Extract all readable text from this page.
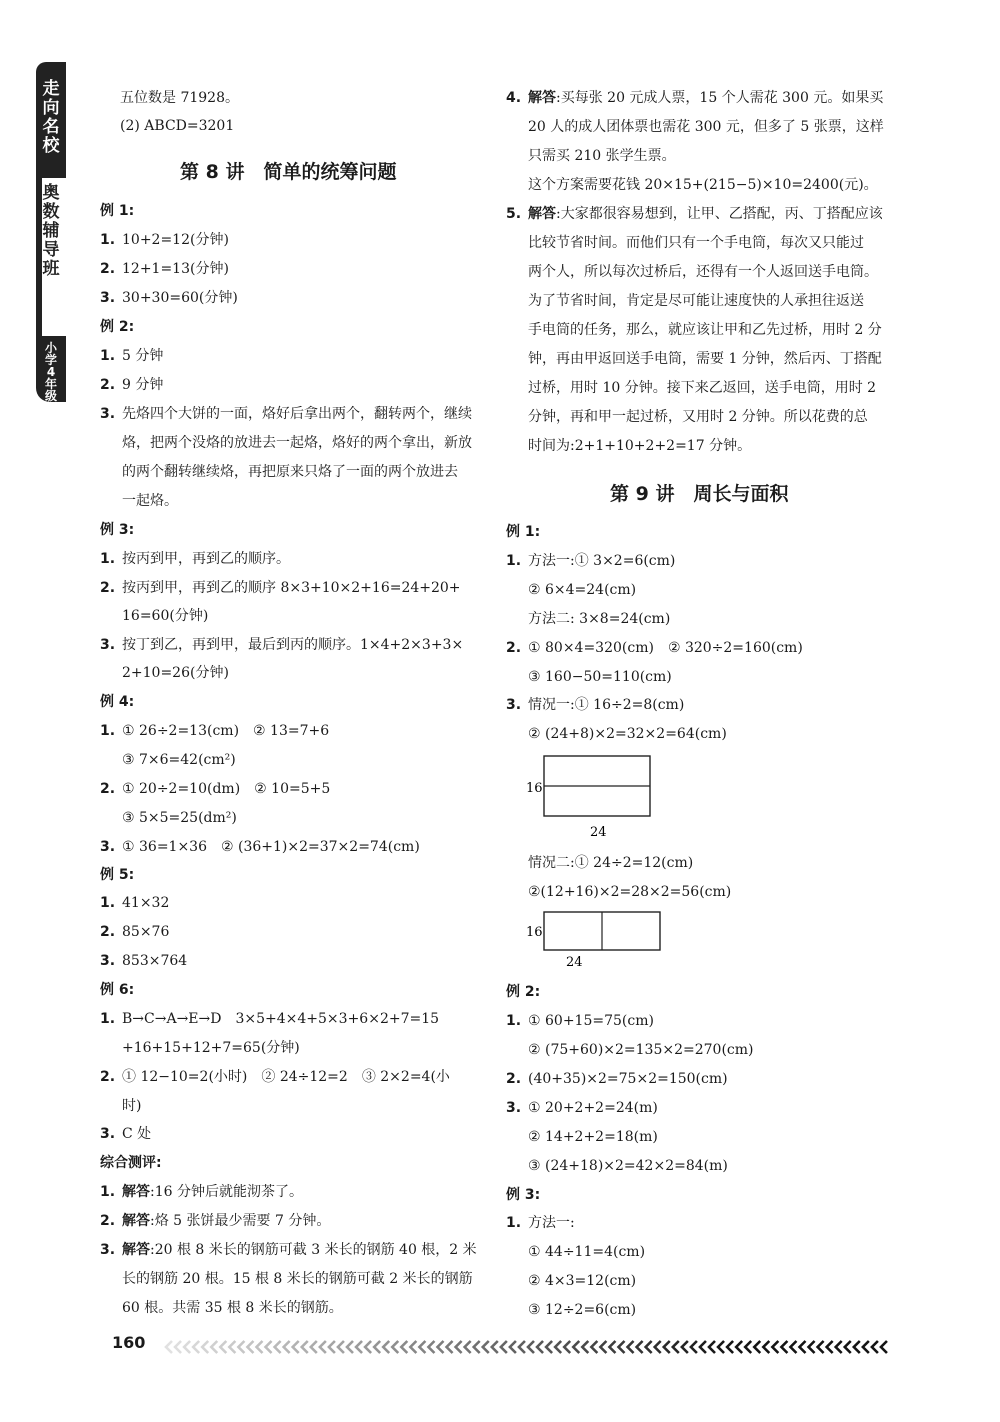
走
向
名
校
奥
数
辅
导
班
小
学
4
年
级
五位数是 71928。
(2) ABCD=3201
第 8 讲　简单的统筹问题
例 1:
1. 10+2=12(分钟)
2. 12+1=13(分钟)
3. 30+30=60(分钟)
例 2:
1. 5 分钟
2. 9 分钟
3. 先烙四个大饼的一面，烙好后拿出两个，翻转两个，继续
烙，把两个没烙的放进去一起烙，烙好的两个拿出，新放
的两个翻转继续烙，再把原来只烙了一面的两个放进去
一起烙。
例 3:
1. 按丙到甲，再到乙的顺序。
2. 按丙到甲，再到乙的顺序 8×3+10×2+16=24+20+
16=60(分钟)
3. 按丁到乙，再到甲，最后到丙的顺序。1×4+2×3+3×
2+10=26(分钟)
例 4:
1. ① 26÷2=13(cm)　② 13=7+6
③ 7×6=42(cm²)
2. ① 20÷2=10(dm)　② 10=5+5
③ 5×5=25(dm²)
3. ① 36=1×36　② (36+1)×2=37×2=74(cm)
例 5:
1. 41×32
2. 85×76
3. 853×764
例 6:
1. B→C→A→E→D　3×5+4×4+5×3+6×2+7=15
+16+15+12+7=65(分钟)
2. ① 12−10=2(小时)　② 24÷12=2　③ 2×2=4(小
时)
3. C 处
综合测评:
1. 解答:16 分钟后就能沏茶了。
2. 解答:烙 5 张饼最少需要 7 分钟。
3. 解答:20 根 8 米长的钢筋可截 3 米长的钢筋 40 根，2 米
长的钢筋 20 根。15 根 8 米长的钢筋可截 2 米长的钢筋
60 根。共需 35 根 8 米长的钢筋。
4. 解答:买每张 20 元成人票，15 个人需花 300 元。如果买
20 人的成人团体票也需花 300 元，但多了 5 张票，这样
只需买 210 张学生票。
这个方案需要花钱 20×15+(215−5)×10=2400(元)。
5. 解答:大家都很容易想到，让甲、乙搭配，丙、丁搭配应该
比较节省时间。而他们只有一个手电筒，每次又只能过
两个人，所以每次过桥后，还得有一个人返回送手电筒。
为了节省时间，肯定是尽可能让速度快的人承担往返送
手电筒的任务，那么，就应该让甲和乙先过桥，用时 2 分
钟，再由甲返回送手电筒，需要 1 分钟，然后丙、丁搭配
过桥，用时 10 分钟。接下来乙返回，送手电筒，用时 2
分钟，再和甲一起过桥，又用时 2 分钟。所以花费的总
时间为:2+1+10+2+2=17 分钟。
第 9 讲　周长与面积
例 1:
1. 方法一:① 3×2=6(cm)
② 6×4=24(cm)
方法二: 3×8=24(cm)
2. ① 80×4=320(cm)　② 320÷2=160(cm)
③ 160−50=110(cm)
3. 情况一:① 16÷2=8(cm)
② (24+8)×2=32×2=64(cm)
16
24
情况二:① 24÷2=12(cm)
②(12+16)×2=28×2=56(cm)
16
24
例 2:
1. ① 60+15=75(cm)
② (75+60)×2=135×2=270(cm)
2. (40+35)×2=75×2=150(cm)
3. ① 20+2+2=24(m)
② 14+2+2=18(m)
③ (24+18)×2=42×2=84(m)
例 3:
1. 方法一:
① 44÷11=4(cm)
② 4×3=12(cm)
③ 12÷2=6(cm)
160
